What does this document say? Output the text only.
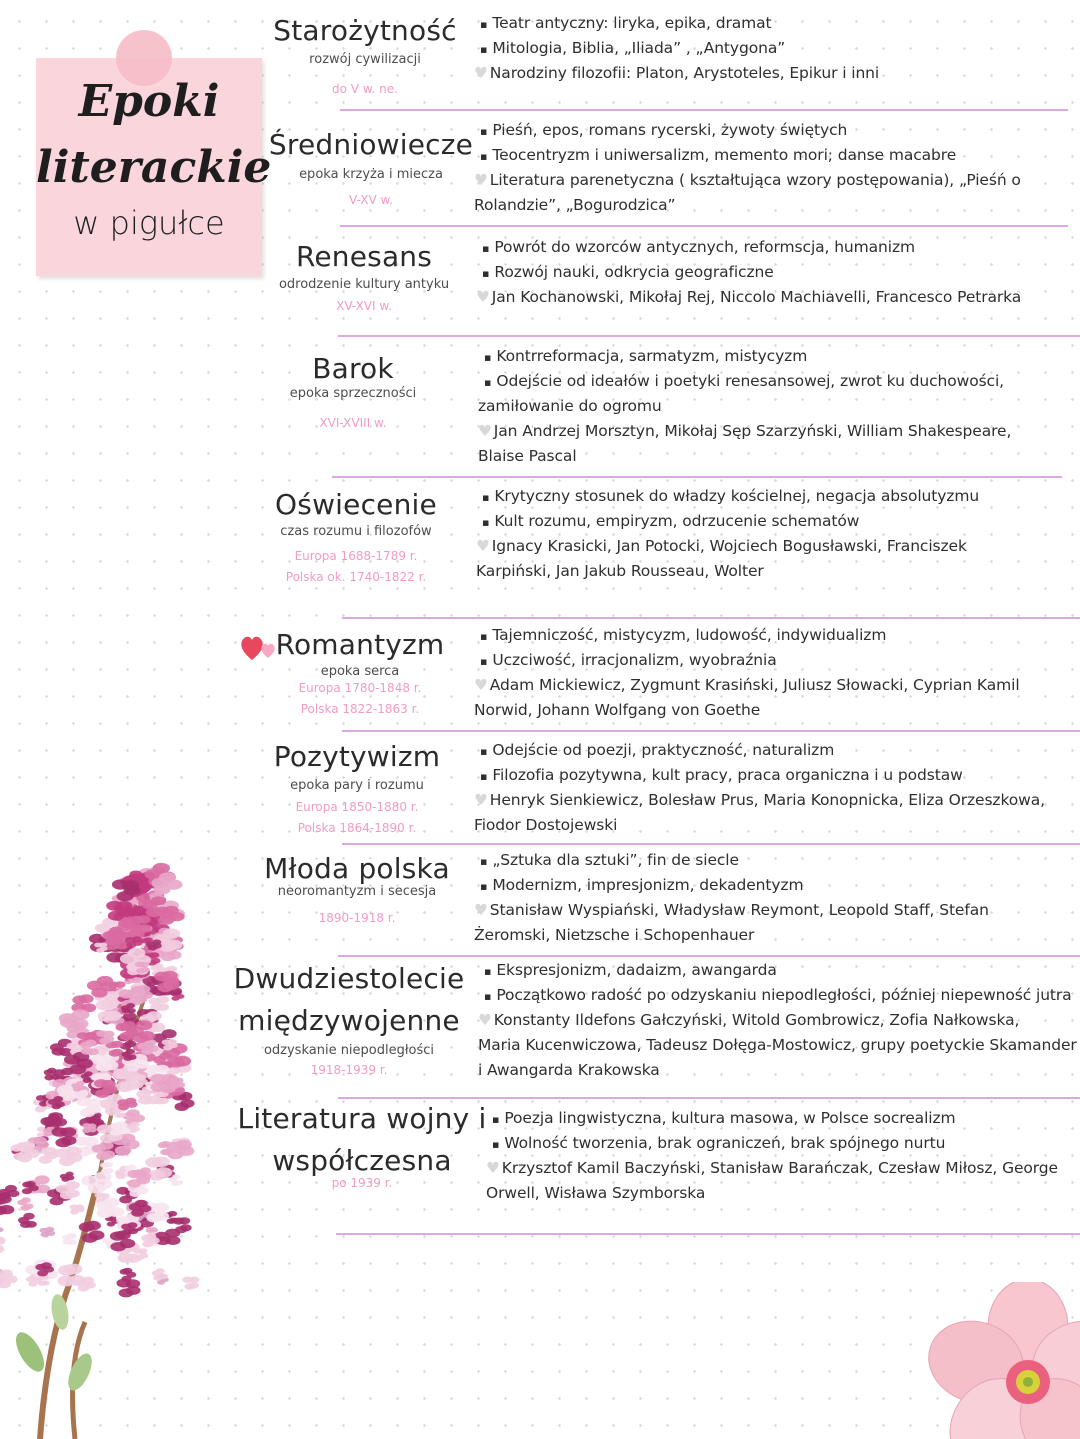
Epoki
literackie
w pigułce
Starożytność
rozwój cywilizacji
do V w. ne.
▪ Teatr antyczny: liryka, epika, dramat
▪ Mitologia, Biblia, „Iliada” , „Antygona”
♥ Narodziny filozofii: Platon, Arystoteles, Epikur i inni
Średniowiecze
epoka krzyża i miecza
V-XV w.
▪ Pieśń, epos, romans rycerski, żywoty świętych
▪ Teocentryzm i uniwersalizm, memento mori; danse macabre
♥ Literatura parenetyczna ( kształtująca wzory postępowania), „Pieśń o
Rolandzie”, „Bogurodzica”
Renesans
odrodzenie kultury antyku
XV-XVI w.
▪ Powrót do wzorców antycznych, reformscja, humanizm
▪ Rozwój nauki, odkrycia geograficzne
♥ Jan Kochanowski, Mikołaj Rej, Niccolo Machiavelli, Francesco Petrarka
Barok
epoka sprzeczności
XVI-XVIII w.
▪ Kontrreformacja, sarmatyzm, mistycyzm
▪ Odejście od ideałów i poetyki renesansowej, zwrot ku duchowości,
zamiłowanie do ogromu
♥ Jan Andrzej Morsztyn, Mikołaj Sęp Szarzyński, William Shakespeare,
Blaise Pascal
Oświecenie
czas rozumu i filozofów
Europa 1688-1789 r.
Polska ok. 1740-1822 r.
▪ Krytyczny stosunek do władzy kościelnej, negacja absolutyzmu
▪ Kult rozumu, empiryzm, odrzucenie schematów
♥ Ignacy Krasicki, Jan Potocki, Wojciech Bogusławski, Franciszek
Karpiński, Jan Jakub Rousseau, Wolter
Romantyzm
epoka serca
Europa 1780-1848 r.
Polska 1822-1863 r.
▪ Tajemniczość, mistycyzm, ludowość, indywidualizm
▪ Uczciwość, irracjonalizm, wyobraźnia
♥ Adam Mickiewicz, Zygmunt Krasiński, Juliusz Słowacki, Cyprian Kamil
Norwid, Johann Wolfgang von Goethe
Pozytywizm
epoka pary i rozumu
Europa 1850-1880 r.
Polska 1864-1890 r.
▪ Odejście od poezji, praktyczność, naturalizm
▪ Filozofia pozytywna, kult pracy, praca organiczna i u podstaw
♥ Henryk Sienkiewicz, Bolesław Prus, Maria Konopnicka, Eliza Orzeszkowa,
Fiodor Dostojewski
Młoda polska
neoromantyzm i secesja
1890-1918 r.
▪ „Sztuka dla sztuki”, fin de siecle
▪ Modernizm, impresjonizm, dekadentyzm
♥ Stanisław Wyspiański, Władysław Reymont, Leopold Staff, Stefan
Żeromski, Nietzsche i Schopenhauer
Dwudziestolecie
międzywojenne
odzyskanie niepodległości
1918-1939 r.
▪ Ekspresjonizm, dadaizm, awangarda
▪ Początkowo radość po odzyskaniu niepodległości, później niepewność jutra
♥ Konstanty Ildefons Gałczyński, Witold Gombrowicz, Zofia Nałkowska,
Maria Kucenwiczowa, Tadeusz Dołęga-Mostowicz, grupy poetyckie Skamander
i Awangarda Krakowska
Literatura wojny i
współczesna
po 1939 r.
▪ Poezja lingwistyczna, kultura masowa, w Polsce socrealizm
▪ Wolność tworzenia, brak ograniczeń, brak spójnego nurtu
♥ Krzysztof Kamil Baczyński, Stanisław Barańczak, Czesław Miłosz, George
Orwell, Wisława Szymborska
